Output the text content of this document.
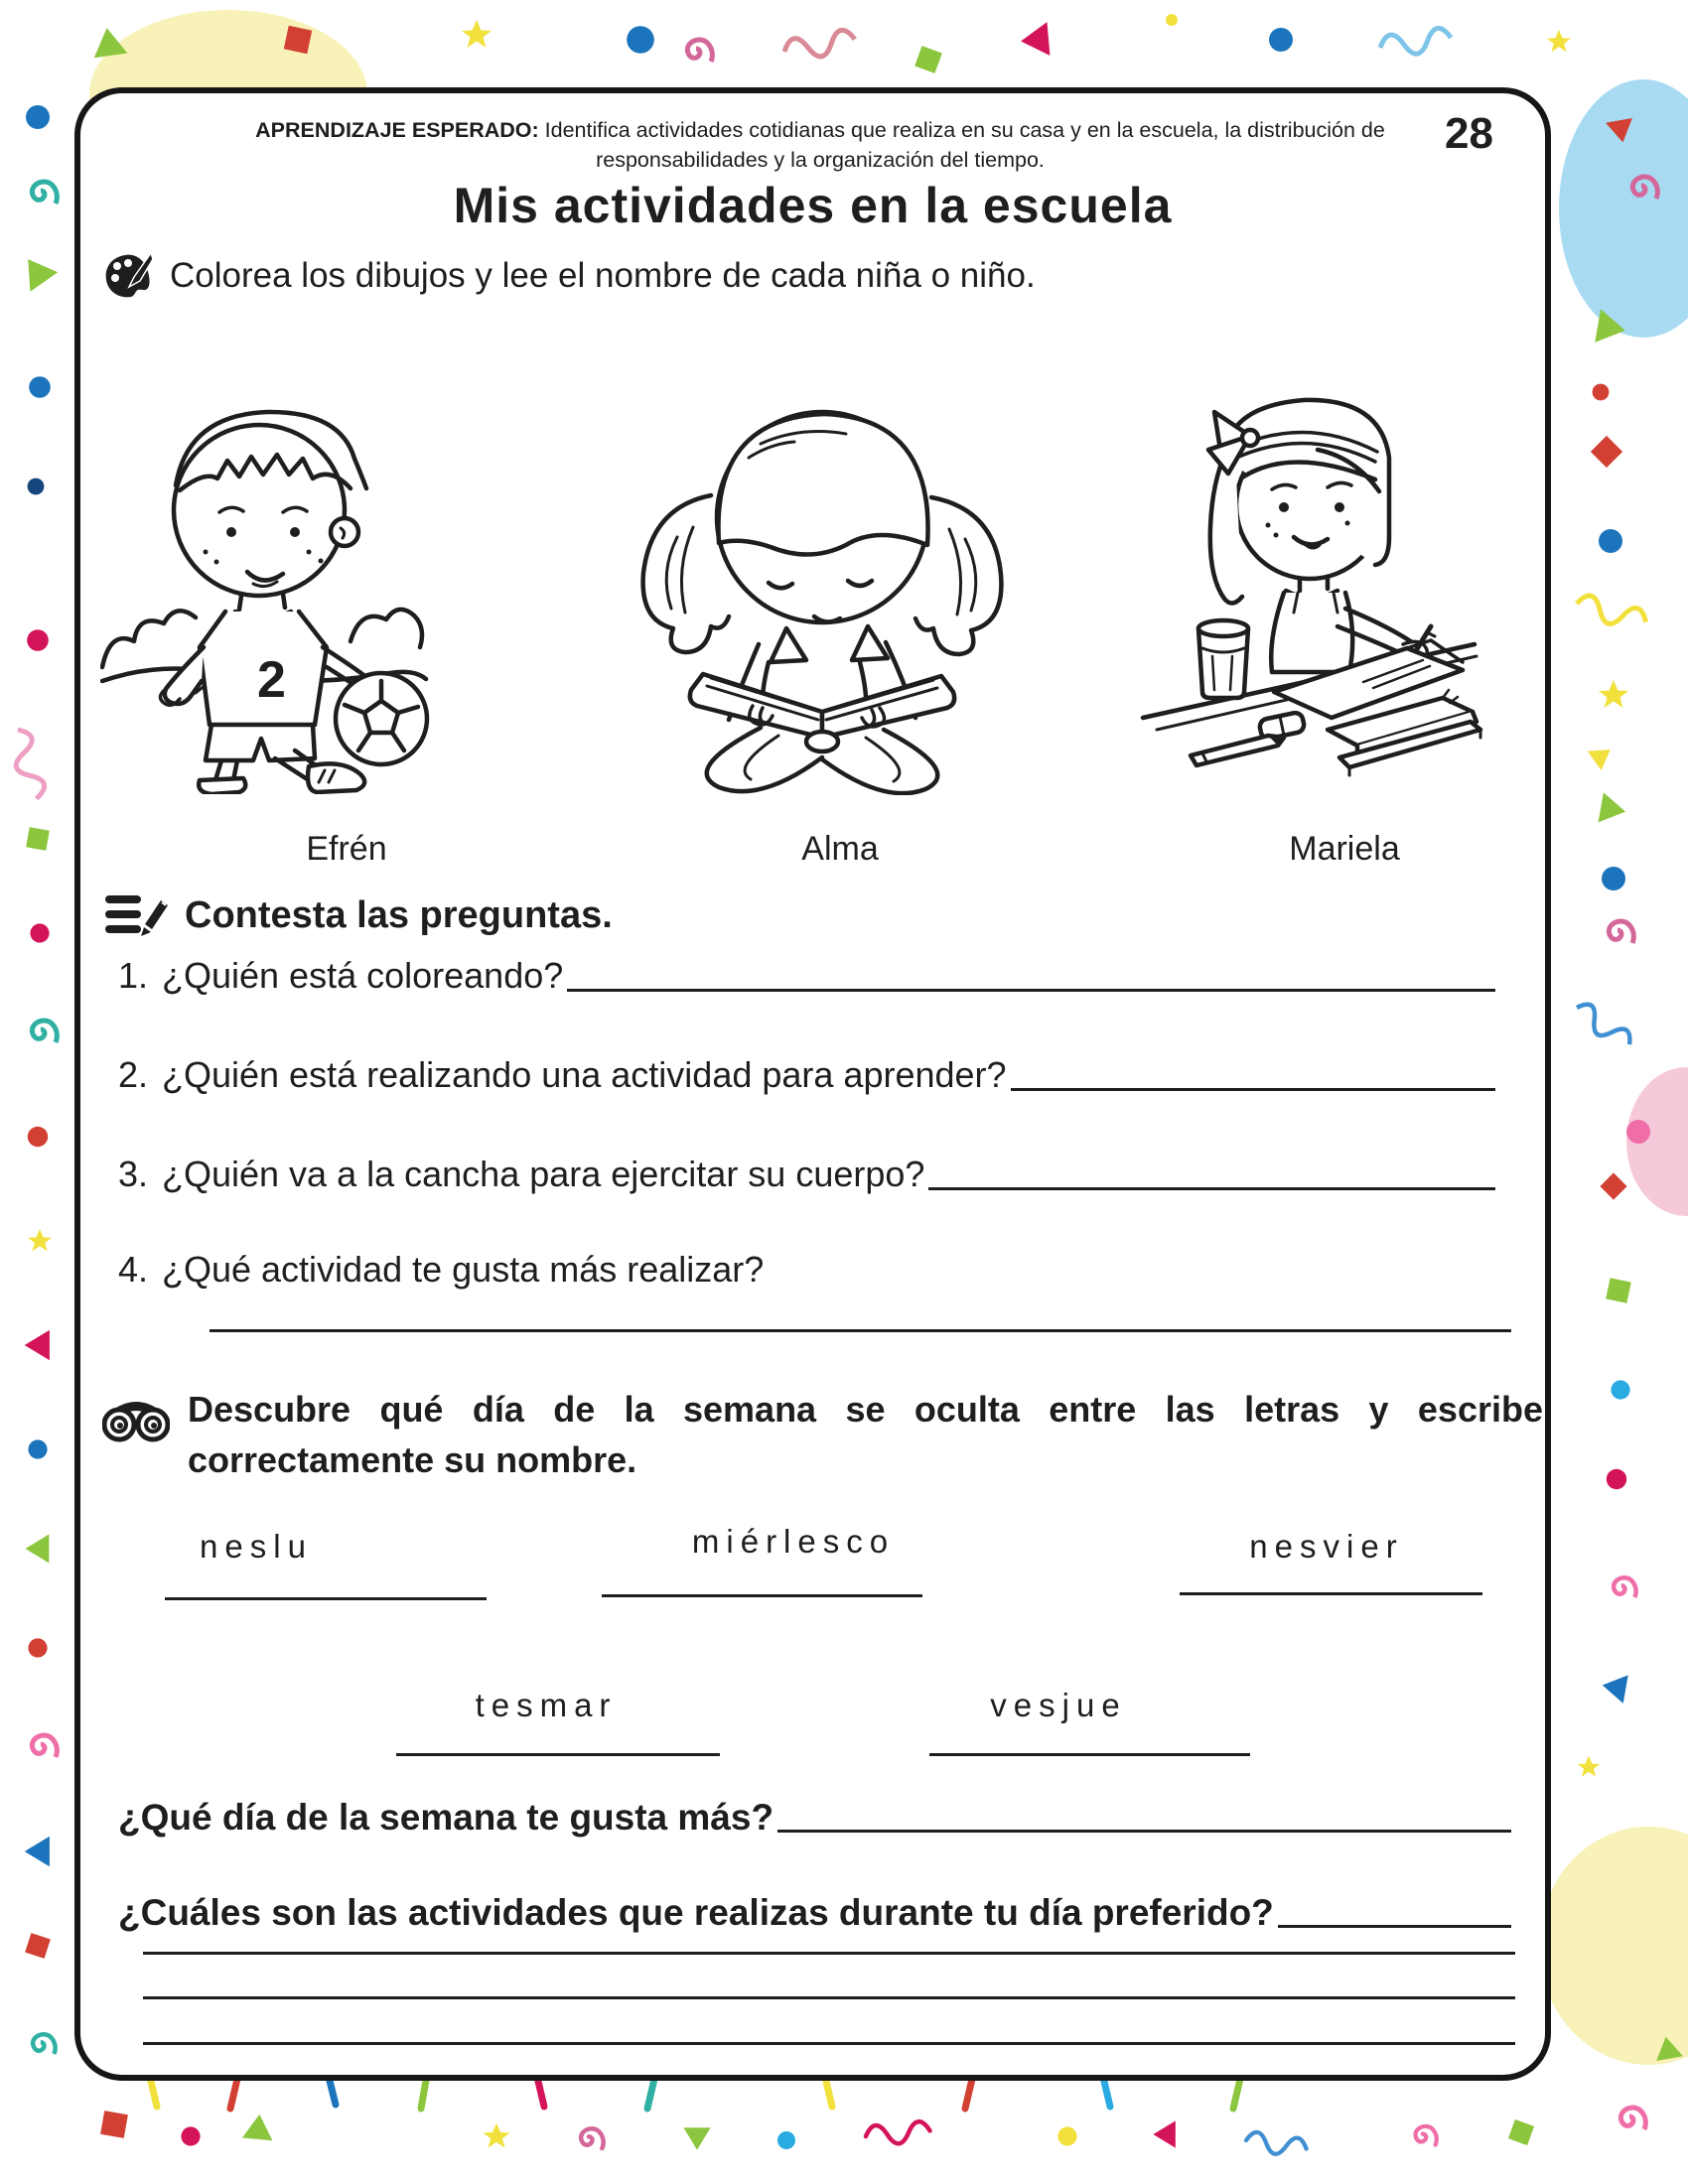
28

APRENDIZAJE ESPERADO: Identifica actividades cotidianas que realiza en su casa y en la escuela, la distribución de responsabilidades y la organización del tiempo.

Mis actividades en la escuela
Colorea los dibujos y lee el nombre de cada niña o niño.
2
Efrén	Alma	Mariela
Contesta las preguntas.
1. ¿Quién está coloreando?
2. ¿Quién está realizando una actividad para aprender?
3. ¿Quién va a la cancha para ejercitar su cuerpo?
4. ¿Qué actividad te gusta más realizar?
Descubre qué día de la semana se oculta entre las letras y escribe correctamente su nombre.
neslu	miérlesco	nesvier
tesmar	vesjue
¿Qué día de la semana te gusta más?
¿Cuáles son las actividades que realizas durante tu día preferido?
